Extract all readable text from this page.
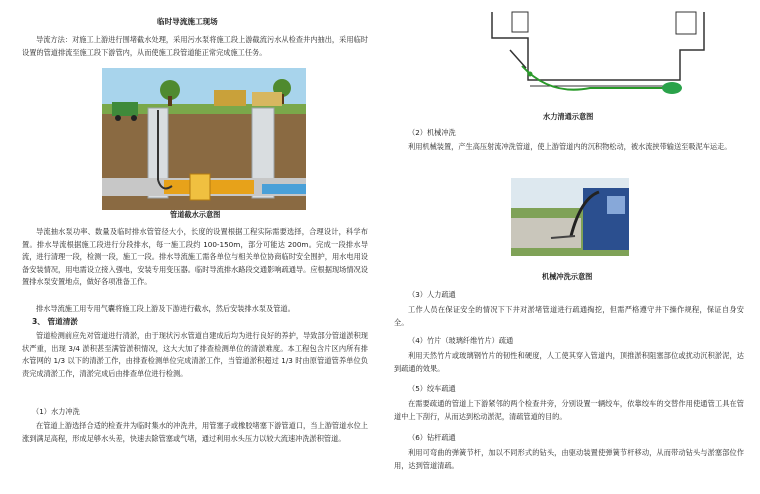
临时导流施工现场
导流方法：对施工上游进行围堵截水处理，采用污水泵将施工段上游截流污水从检查井内抽出，采用临时设置的管道排流至施工段下游管内，从而使施工段管道能正常完成施工任务。
管道截水示意图
导流抽水泵功率、数量及临时排水管管径大小，长度的设置根据工程实际需要选择，合理设计，科学布置。排水导流根据施工段进行分段排水，每一施工段约 100-150m，部分可能达 200m。完成一段排水导流，进行清理一段，检测一段，施工一段。排水导流施工需各单位与相关单位协商临时安全围护，用水电用设备安装情况，用电需设立接入强电，安装专用变压器。临时导流排水路段交通影响疏通导。应根据现场情况设置排水泵安置地点，做好各项准备工作。
排水导流施工用专用气囊将施工段上游及下游进行截水，然后安装排水泵及管道。
3、 管道清淤
管道检测前应先对管道进行清淤，由于现状污水管道自建成后均为进行良好的养护，导致部分管道淤积现状严重，出现 3/4 淤积甚至满管淤积情况，这大大加了排查检测单位的清淤难度。本工程包含片区内所有排水管网的 1/3 以下的清淤工作，由排查检测单位完成清淤工作，当管道淤积超过 1/3 时由原管道管养单位负责完成清淤工作，清淤完成后由排查单位进行检测。
（1）水力冲洗
在管道上游选择合适的检查井为临时集水的冲洗井，用管塞子或橡胶堵塞下游管道口，当上游管道水位上涨到满足高程，形成足够水头差，快速去除管塞或气堵，通过利用水头压力以较大流速冲洗淤积管道。
水力清通示意图
（2）机械冲洗
利用机械装置，产生高压射流冲洗管道，使上游管道内的沉积物松动，被水流挟带输送至吸泥车运走。
机械冲洗示意图
（3）人力疏通
工作人员在保证安全的情况下下井对淤堵管道进行疏通掏挖，但需严格遵守井下操作规程，保证自身安全。
（4）竹片（玻璃纤维竹片）疏通
利用天然竹片或玻璃钢竹片的韧性和硬度，人工使其穿入管道内，顶推淤积阻塞部位或扰动沉积淤泥，达到疏通的效果。
（5）绞车疏通
在需要疏通的管道上下游紧邻的两个检查井旁，分别设置一辆绞车，依靠绞车的交替作用使通管工具在管道中上下刮行，从而达到松动淤泥，清疏管道的目的。
（6）钻杆疏通
利用可弯曲的弹簧节杆，加以不同形式的钻头，由驱动装置使弹簧节杆移动，从而带动钻头与淤塞部位作用，达到管道清疏。
